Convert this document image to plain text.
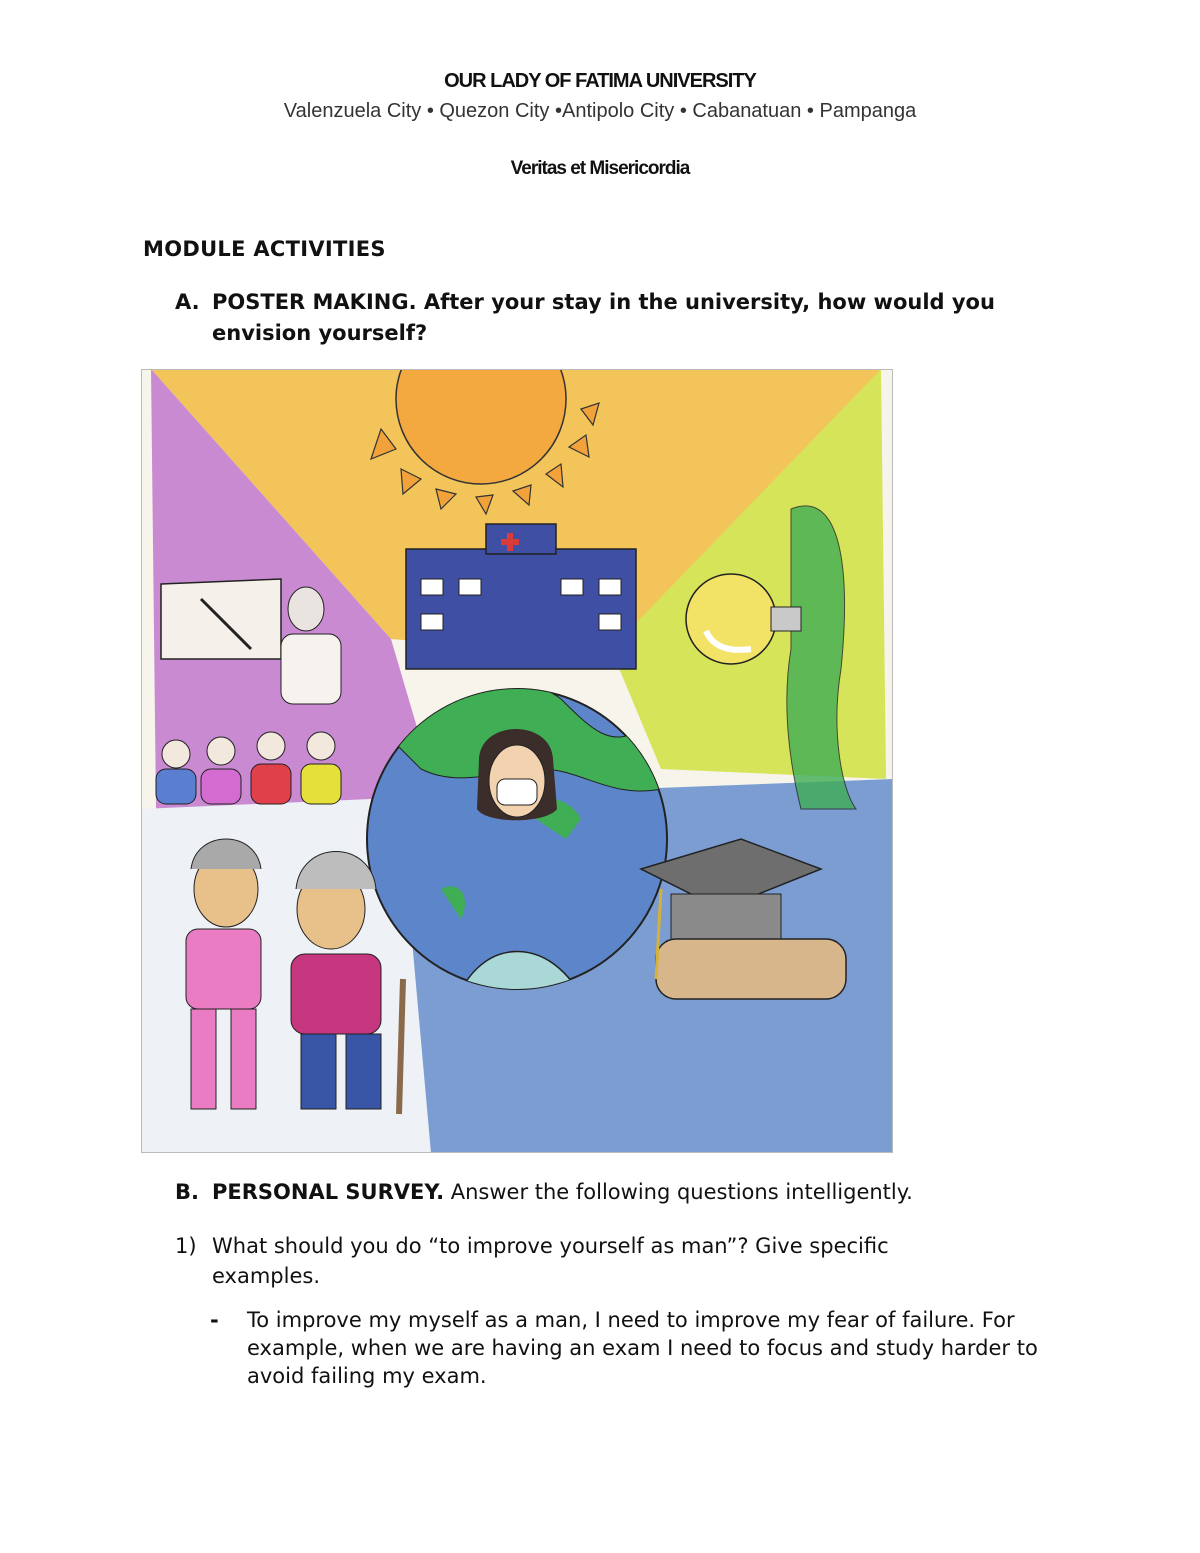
OUR LADY OF FATIMA UNIVERSITY
Valenzuela City • Quezon City •Antipolo City • Cabanatuan • Pampanga
Veritas et Misericordia
MODULE ACTIVITIES
A. POSTER MAKING. After your stay in the university, how would you envision yourself?
B. PERSONAL SURVEY. Answer the following questions intelligently.
1) What should you do “to improve yourself as man”? Give specific examples.
- To improve my myself as a man, I need to improve my fear of failure. For example, when we are having an exam I need to focus and study harder to avoid failing my exam.
